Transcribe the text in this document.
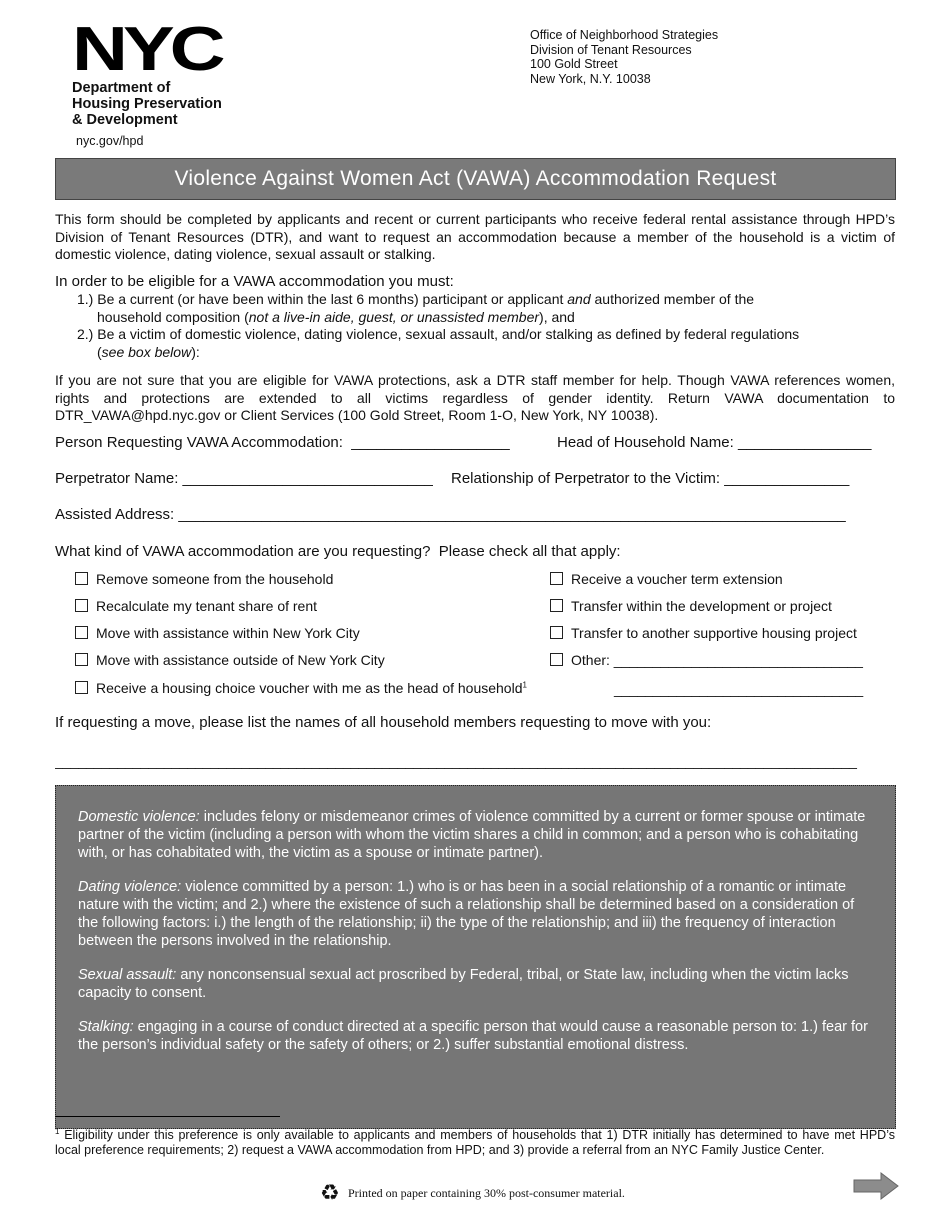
NYC
Department of
Housing Preservation
& Development
nyc.gov/hpd
Office of Neighborhood Strategies
Division of Tenant Resources
100 Gold Street
New York, N.Y. 10038
Violence Against Women Act (VAWA) Accommodation Request
This form should be completed by applicants and recent or current participants who receive federal rental assistance through HPD’s Division of Tenant Resources (DTR), and want to request an accommodation because a member of the household is a victim of domestic violence, dating violence, sexual assault or stalking.
In order to be eligible for a VAWA accommodation you must:
1.) Be a current (or have been within the last 6 months) participant or applicant and authorized member of the
household composition (not a live-in aide, guest, or unassisted member), and
2.) Be a victim of domestic violence, dating violence, sexual assault, and/or stalking as defined by federal regulations
(see box below):
If you are not sure that you are eligible for VAWA protections, ask a DTR staff member for help. Though VAWA references women, rights and protections are extended to all victims regardless of gender identity. Return VAWA documentation to DTR_VAWA@hpd.nyc.gov or Client Services (100 Gold Street, Room 1-O, New York, NY 10038).
Person Requesting VAWA Accommodation:  ___________________	Head of Household Name: ________________
Perpetrator Name: ______________________________ Relationship of Perpetrator to the Victim: _______________
Assisted Address: ________________________________________________________________________________
What kind of VAWA accommodation are you requesting?  Please check all that apply:
Remove someone from the household
Recalculate my tenant share of rent
Move with assistance within New York City
Move with assistance outside of New York City
Receive a housing choice voucher with me as the head of household$^1$
Receive a voucher term extension
Transfer within the development or project
Transfer to another supportive housing project
Other: ________________________________
________________________________
If requesting a move, please list the names of all household members requesting to move with you:
_______________________________________________________________________________________________________

Domestic violence: includes felony or misdemeanor crimes of violence committed by a current or former spouse or intimate partner of the victim (including a person with whom the victim shares a child in common; and a person who is cohabitating with, or has cohabitated with, the victim as a spouse or intimate partner).

Dating violence: violence committed by a person: 1.) who is or has been in a social relationship of a romantic or intimate nature with the victim; and 2.) where the existence of such a relationship shall be determined based on a consideration of the following factors: i.) the length of the relationship; ii) the type of the relationship; and iii) the frequency of interaction between the persons involved in the relationship.

Sexual assault: any nonconsensual sexual act proscribed by Federal, tribal, or State law, including when the victim lacks capacity to consent.

Stalking: engaging in a course of conduct directed at a specific person that would cause a reasonable person to: 1.) fear for the person’s individual safety or the safety of others; or 2.) suffer substantial emotional distress.

$^1$ Eligibility under this preference is only available to applicants and members of households that 1) DTR initially has determined to have met HPD’s local preference requirements; 2) request a VAWA accommodation from HPD; and 3) provide a referral from an NYC Family Justice Center.
♻ Printed on paper containing 30% post-consumer material.
